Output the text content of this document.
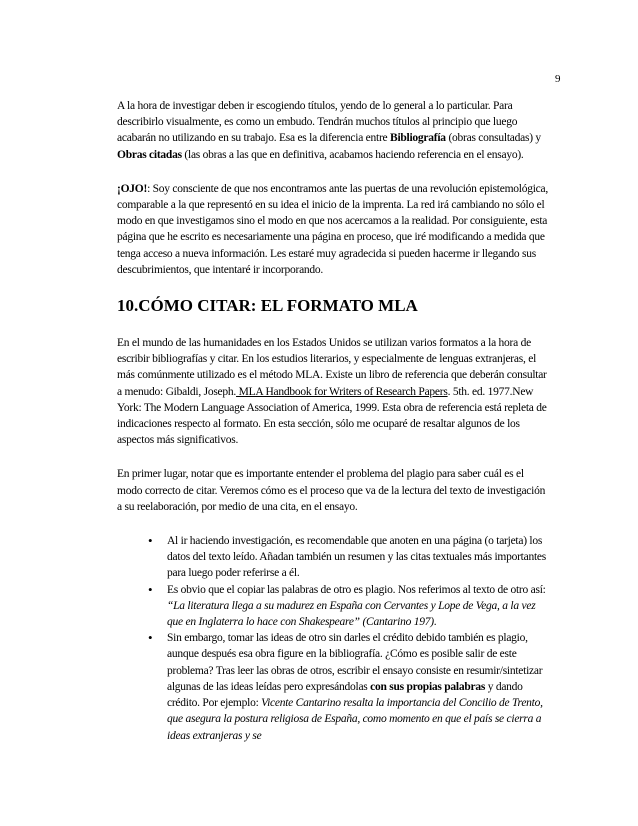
9

A la hora de investigar deben ir escogiendo títulos, yendo de lo general a lo particular. Para describirlo visualmente, es como un embudo. Tendrán muchos títulos al principio que luego acabarán no utilizando en su trabajo. Esa es la diferencia entre Bibliografía (obras consultadas) y Obras citadas (las obras a las que en definitiva, acabamos haciendo referencia en el ensayo).

¡OJO!: Soy consciente de que nos encontramos ante las puertas de una revolución epistemológica, comparable a la que representó en su idea el inicio de la imprenta. La red irá cambiando no sólo el modo en que investigamos sino el modo en que nos acercamos a la realidad. Por consiguiente, esta página que he escrito es necesariamente una página en proceso, que iré modificando a medida que tenga acceso a nueva información. Les estaré muy agradecida si pueden hacerme ir llegando sus descubrimientos, que intentaré ir incorporando.

10.CÓMO CITAR: EL FORMATO MLA

En el mundo de las humanidades en los Estados Unidos se utilizan varios formatos a la hora de escribir bibliografías y citar. En los estudios literarios, y especialmente de lenguas extranjeras, el más comúnmente utilizado es el método MLA. Existe un libro de referencia que deberán consultar a menudo: Gibaldi, Joseph. MLA Handbook for Writers of Research Papers. 5th. ed. 1977.New York: The Modern Language Association of America, 1999. Esta obra de referencia está repleta de indicaciones respecto al formato. En esta sección, sólo me ocuparé de resaltar algunos de los aspectos más significativos.

En primer lugar, notar que es importante entender el problema del plagio para saber cuál es el modo correcto de citar. Veremos cómo es el proceso que va de la lectura del texto de investigación a su reelaboración, por medio de una cita, en el ensayo.

• Al ir haciendo investigación, es recomendable que anoten en una página (o tarjeta) los datos del texto leído. Añadan también un resumen y las citas textuales más importantes para luego poder referirse a él.
• Es obvio que el copiar las palabras de otro es plagio. Nos referimos al texto de otro así: “La literatura llega a su madurez en España con Cervantes y Lope de Vega, a la vez que en Inglaterra lo hace con Shakespeare” (Cantarino 197).
• Sin embargo, tomar las ideas de otro sin darles el crédito debido también es plagio, aunque después esa obra figure en la bibliografía. ¿Cómo es posible salir de este problema? Tras leer las obras de otros, escribir el ensayo consiste en resumir/sintetizar algunas de las ideas leídas pero expresándolas con sus propias palabras y dando crédito. Por ejemplo: Vicente Cantarino resalta la importancia del Concilio de Trento, que asegura la postura religiosa de España, como momento en que el país se cierra a ideas extranjeras y se
